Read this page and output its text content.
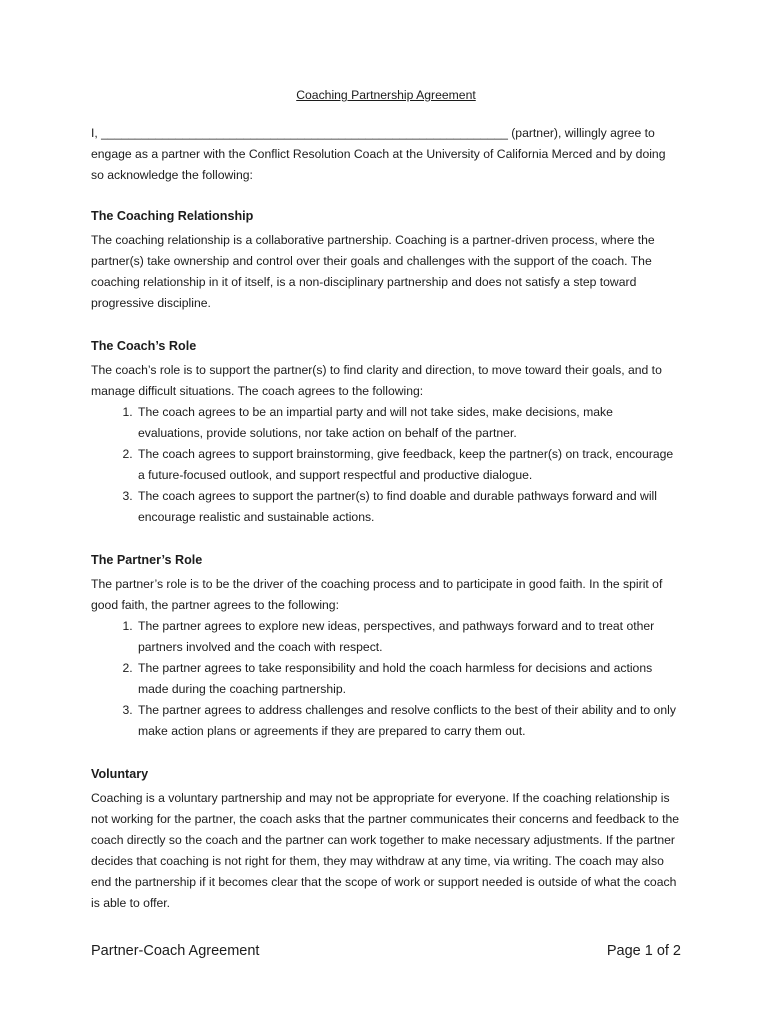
Coaching Partnership Agreement

I, ____________________________________________________________ (partner), willingly agree to engage as a partner with the Conflict Resolution Coach at the University of California Merced and by doing so acknowledge the following:

The Coaching Relationship

The coaching relationship is a collaborative partnership. Coaching is a partner-driven process, where the partner(s) take ownership and control over their goals and challenges with the support of the coach. The coaching relationship in it of itself, is a non-disciplinary partnership and does not satisfy a step toward progressive discipline.

The Coach’s Role

The coach’s role is to support the partner(s) to find clarity and direction, to move toward their goals, and to manage difficult situations. The coach agrees to the following:

1. The coach agrees to be an impartial party and will not take sides, make decisions, make evaluations, provide solutions, nor take action on behalf of the partner.
2. The coach agrees to support brainstorming, give feedback, keep the partner(s) on track, encourage a future-focused outlook, and support respectful and productive dialogue.
3. The coach agrees to support the partner(s) to find doable and durable pathways forward and will encourage realistic and sustainable actions.

The Partner’s Role

The partner’s role is to be the driver of the coaching process and to participate in good faith. In the spirit of good faith, the partner agrees to the following:

1. The partner agrees to explore new ideas, perspectives, and pathways forward and to treat other partners involved and the coach with respect.
2. The partner agrees to take responsibility and hold the coach harmless for decisions and actions made during the coaching partnership.
3. The partner agrees to address challenges and resolve conflicts to the best of their ability and to only make action plans or agreements if they are prepared to carry them out.

Voluntary

Coaching is a voluntary partnership and may not be appropriate for everyone. If the coaching relationship is not working for the partner, the coach asks that the partner communicates their concerns and feedback to the coach directly so the coach and the partner can work together to make necessary adjustments. If the partner decides that coaching is not right for them, they may withdraw at any time, via writing. The coach may also end the partnership if it becomes clear that the scope of work or support needed is outside of what the coach is able to offer.

Partner-Coach Agreement	Page 1 of 2
